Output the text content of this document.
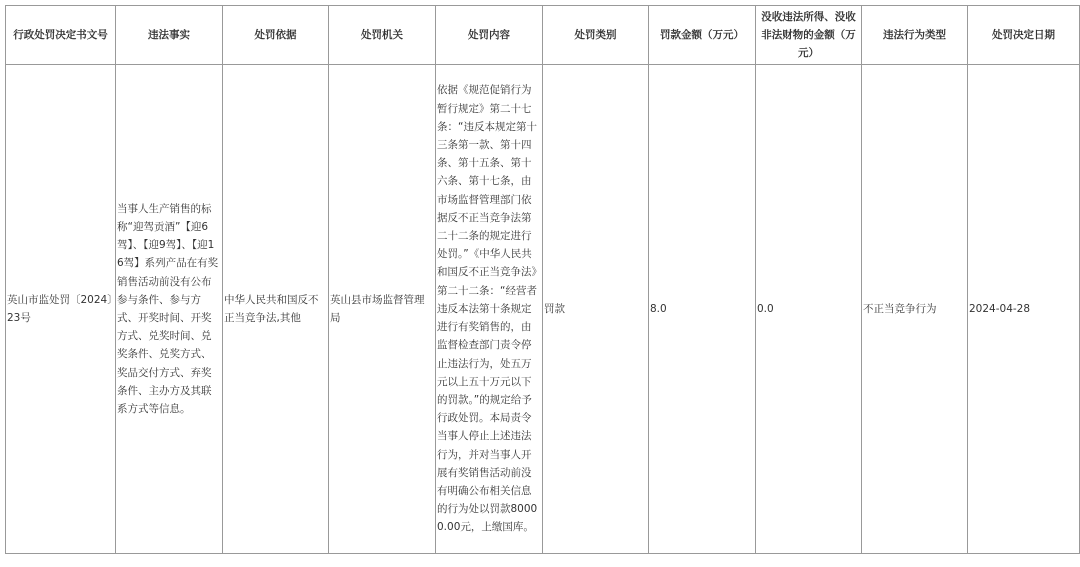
行政处罚决定书文号	违法事实	处罚依据	处罚机关	处罚内容	处罚类别	罚款金额（万元）	没收违法所得、没收非法财物的金额（万元）	违法行为类型	处罚决定日期
英山市监处罚〔2024〕23号	当事人生产销售的标称“迎驾贡酒”【迎6驾】、【迎9驾】、【迎16驾】系列产品在有奖销售活动前没有公布参与条件、参与方式、开奖时间、开奖方式、兑奖时间、兑奖条件、兑奖方式、奖品交付方式、弃奖条件、主办方及其联系方式等信息。	中华人民共和国反不正当竞争法,其他	英山县市场监督管理局	依据《规范促销行为暂行规定》第二十七条：“违反本规定第十三条第一款、第十四条、第十五条、第十六条、第十七条，由市场监督管理部门依据反不正当竞争法第二十二条的规定进行处罚。”《中华人民共和国反不正当竞争法》第二十二条：“经营者违反本法第十条规定进行有奖销售的，由监督检查部门责令停止违法行为，处五万元以上五十万元以下的罚款。”的规定给予行政处罚。本局责令当事人停止上述违法行为，并对当事人开展有奖销售活动前没有明确公布相关信息的行为处以罚款80000.00元，上缴国库。	罚款	8.0	0.0	不正当竞争行为	2024-04-28
